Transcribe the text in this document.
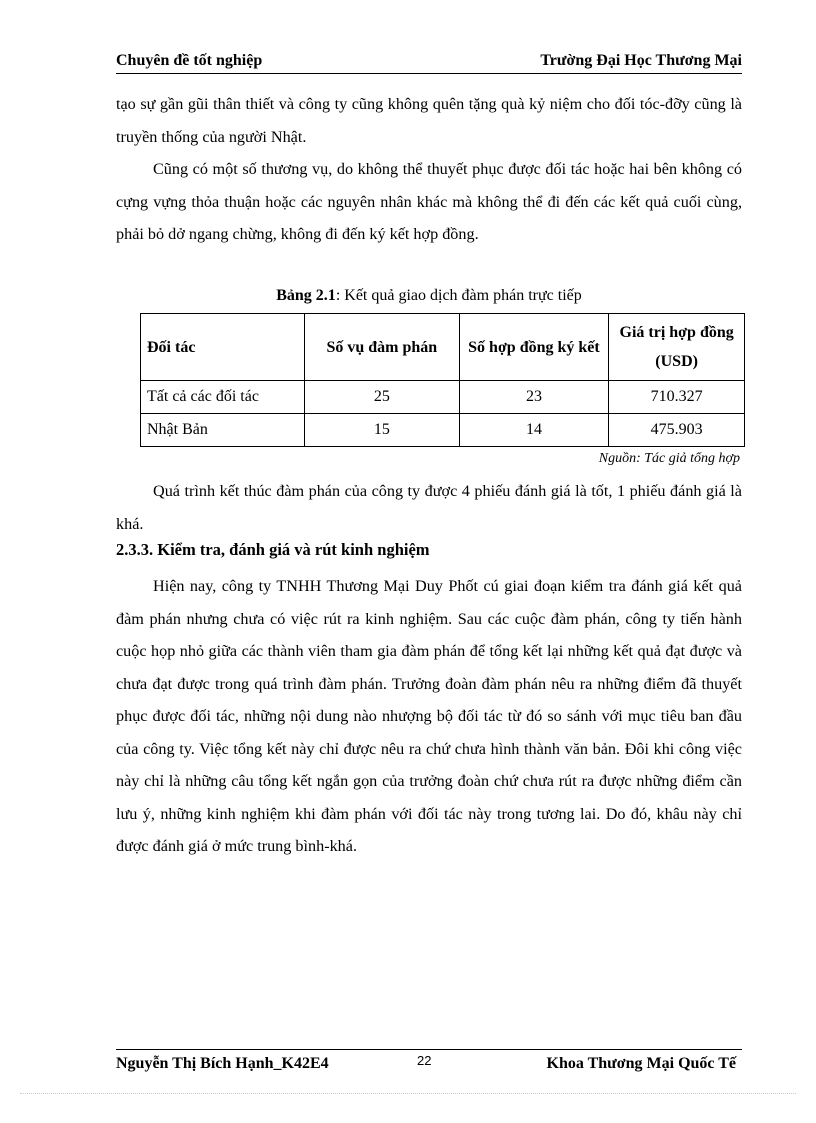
Chuyên đề tốt nghiệp	Trường Đại Học Thương Mại

tạo sự gần gũi thân thiết và công ty cũng không quên tặng quà kỷ niệm cho đối tóc-đỡy cũng là truyền thống của người Nhật.

Cũng có một số thương vụ, do không thể thuyết phục được đối tác hoặc hai bên không có cựng vựng thỏa thuận hoặc các nguyên nhân khác mà không thể đi đến các kết quả cuối cùng, phải bỏ dở ngang chừng, không đi đến ký kết hợp đồng.

Bảng 2.1: Kết quả giao dịch đàm phán trực tiếp
Đối tác	Số vụ đàm phán	Số hợp đồng ký kết	Giá trị hợp đồng (USD)
Tất cả các đối tác	25	23	710.327
Nhật Bản	15	14	475.903
Nguồn: Tác giả tổng hợp

Quá trình kết thúc đàm phán của công ty được 4 phiếu đánh giá là tốt, 1 phiếu đánh giá là khá.

2.3.3. Kiểm tra, đánh giá và rút kinh nghiệm

Hiện nay, công ty TNHH Thương Mại Duy Phốt cú giai đoạn kiểm tra đánh giá kết quả đàm phán nhưng chưa có việc rút ra kinh nghiệm. Sau các cuộc đàm phán, công ty tiến hành cuộc họp nhỏ giữa các thành viên tham gia đàm phán để tổng kết lại những kết quả đạt được và chưa đạt được trong quá trình đàm phán. Trưởng đoàn đàm phán nêu ra những điểm đã thuyết phục được đối tác, những nội dung nào nhượng bộ đối tác từ đó so sánh với mục tiêu ban đầu của công ty. Việc tổng kết này chỉ được nêu ra chứ chưa hình thành văn bản. Đôi khi công việc này chỉ là những câu tổng kết ngắn gọn của trưởng đoàn chứ chưa rút ra được những điểm cần lưu ý, những kinh nghiệm khi đàm phán với đối tác này trong tương lai. Do đó, khâu này chỉ được đánh giá ở mức trung bình-khá.

Nguyễn Thị Bích Hạnh_K42E4	22	Khoa Thương Mại Quốc Tế
